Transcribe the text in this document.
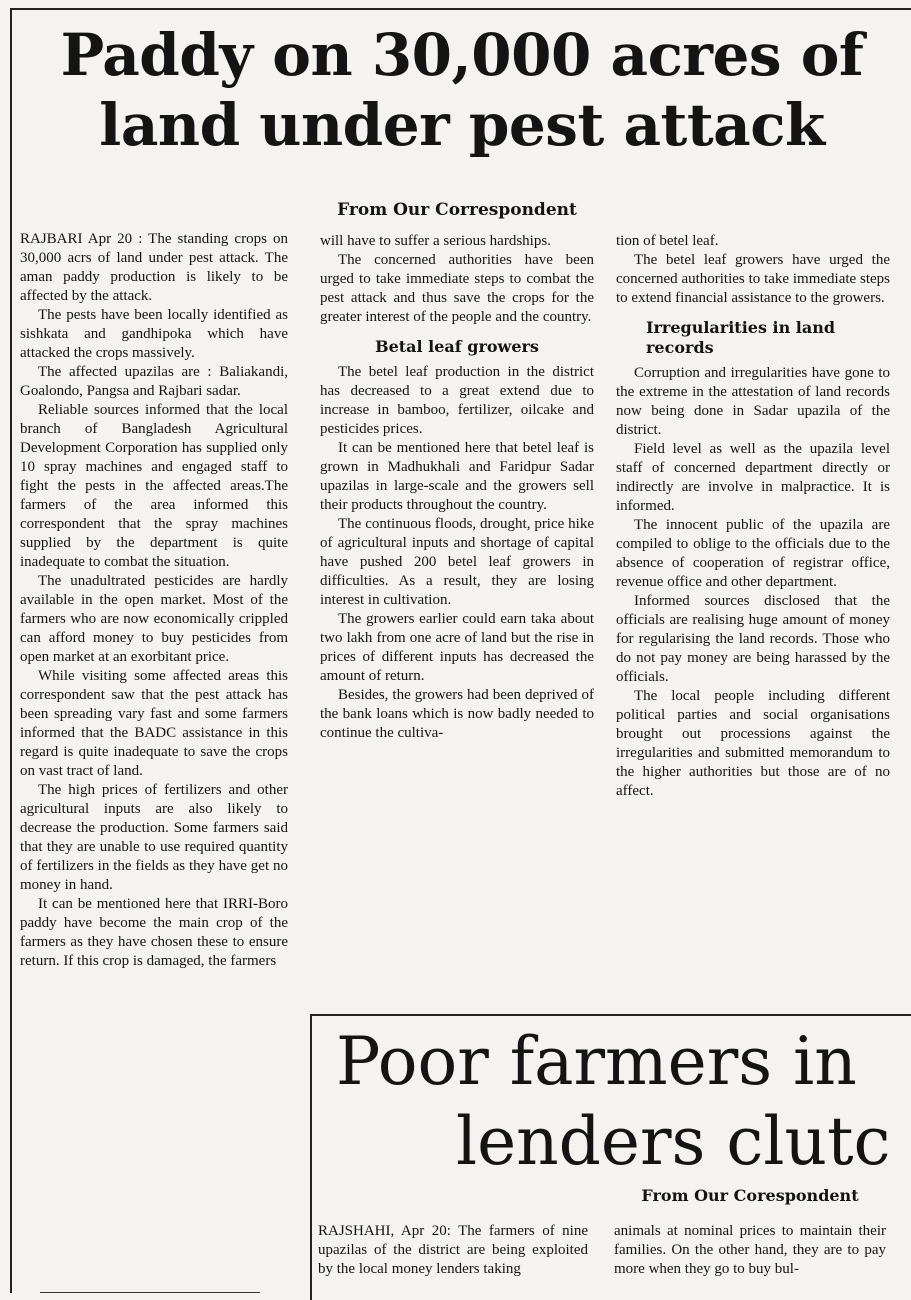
Paddy on 30,000 acres of land under pest attack
From Our Correspondent

RAJBARI Apr 20 : The standing crops on 30,000 acrs of land under pest attack. The aman paddy production is likely to be affected by the attack.

The pests have been locally identified as sishkata and gandhipoka which have attacked the crops massively.

The affected upazilas are : Baliakandi, Goalondo, Pangsa and Rajbari sadar.

Reliable sources informed that the local branch of Bangladesh Agricultural Development Corporation has supplied only 10 spray machines and engaged staff to fight the pests in the affected areas.The farmers of the area informed this correspondent that the spray machines supplied by the department is quite inadequate to combat the situation.

The unadultrated pesticides are hardly available in the open market. Most of the farmers who are now economically crippled can afford money to buy pesticides from open market at an exorbitant price.

While visiting some affected areas this correspondent saw that the pest attack has been spreading vary fast and some farmers informed that the BADC assistance in this regard is quite inadequate to save the crops on vast tract of land.

The high prices of fertilizers and other agricultural inputs are also likely to decrease the production. Some farmers said that they are unable to use required quantity of fertilizers in the fields as they have get no money in hand.

It can be mentioned here that IRRI-Boro paddy have become the main crop of the farmers as they have chosen these to ensure return. If this crop is damaged, the farmers

will have to suffer a serious hardships.

The concerned authorities have been urged to take immediate steps to combat the pest attack and thus save the crops for the greater interest of the people and the country.

Betal leaf growers

The betel leaf production in the district has decreased to a great extend due to increase in bamboo, fertilizer, oilcake and pesticides prices.

It can be mentioned here that betel leaf is grown in Madhukhali and Faridpur Sadar upazilas in large-scale and the growers sell their products throughout the country.

The continuous floods, drought, price hike of agricultural inputs and shortage of capital have pushed 200 betel leaf growers in difficulties. As a result, they are losing interest in cultivation.

The growers earlier could earn taka about two lakh from one acre of land but the rise in prices of different inputs has decreased the amount of return.

Besides, the growers had been deprived of the bank loans which is now badly needed to continue the cultiva-

tion of betel leaf.

The betel leaf growers have urged the concerned authorities to take immediate steps to extend financial assistance to the growers.

Irregularities in land records

Corruption and irregularities have gone to the extreme in the attestation of land records now being done in Sadar upazila of the district.

Field level as well as the upazila level staff of concerned department directly or indirectly are involve in malpractice. It is informed.

The innocent public of the upazila are compiled to oblige to the officials due to the absence of cooperation of registrar office, revenue office and other department.

Informed sources disclosed that the officials are realising huge amount of money for regularising the land records. Those who do not pay money are being harassed by the officials.

The local people including different political parties and social organisations brought out processions against the irregularities and submitted memorandum to the higher authorities but those are of no affect.

Poor farmers in
lenders clutc
From Our Corespondent

RAJSHAHI, Apr 20: The farmers of nine upazilas of the district are being exploited by the local money lenders taking

animals at nominal prices to maintain their families. On the other hand, they are to pay more when they go to buy bul-
